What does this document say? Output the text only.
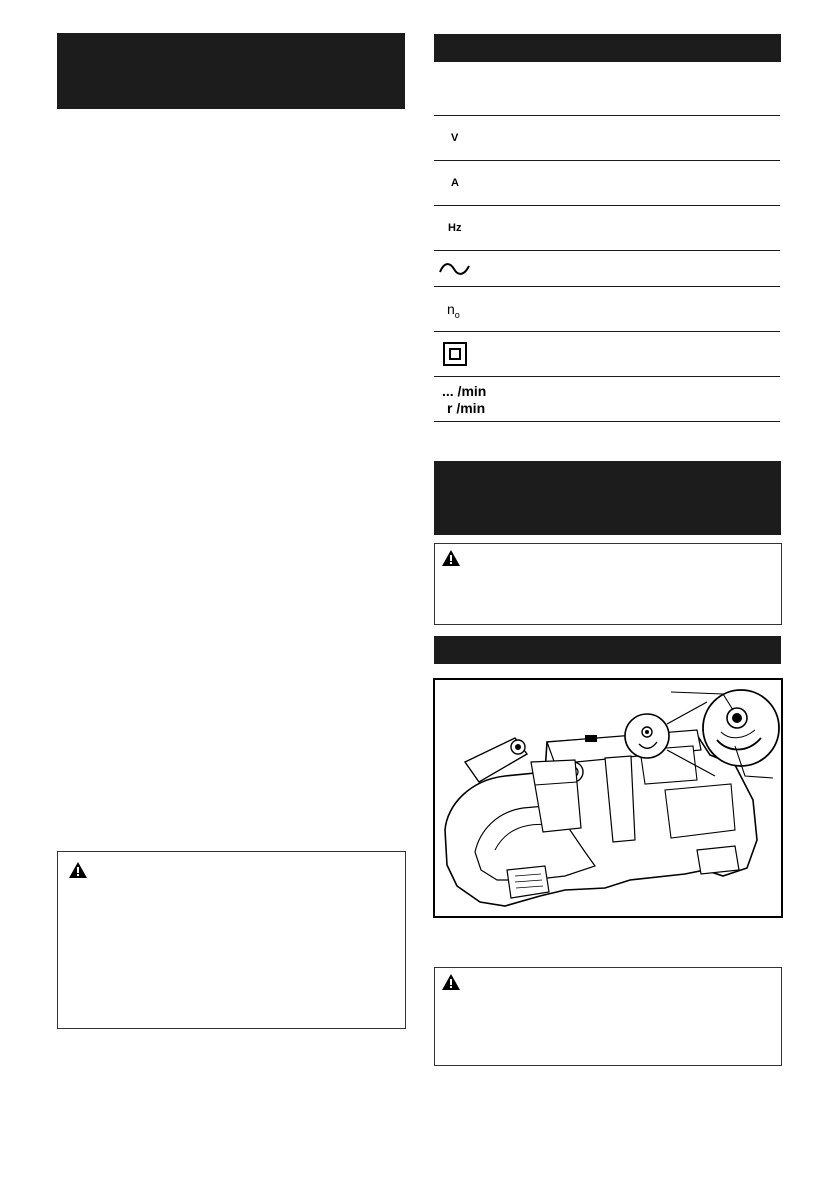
V
A
Hz
$n_o$
... /min
r /min
